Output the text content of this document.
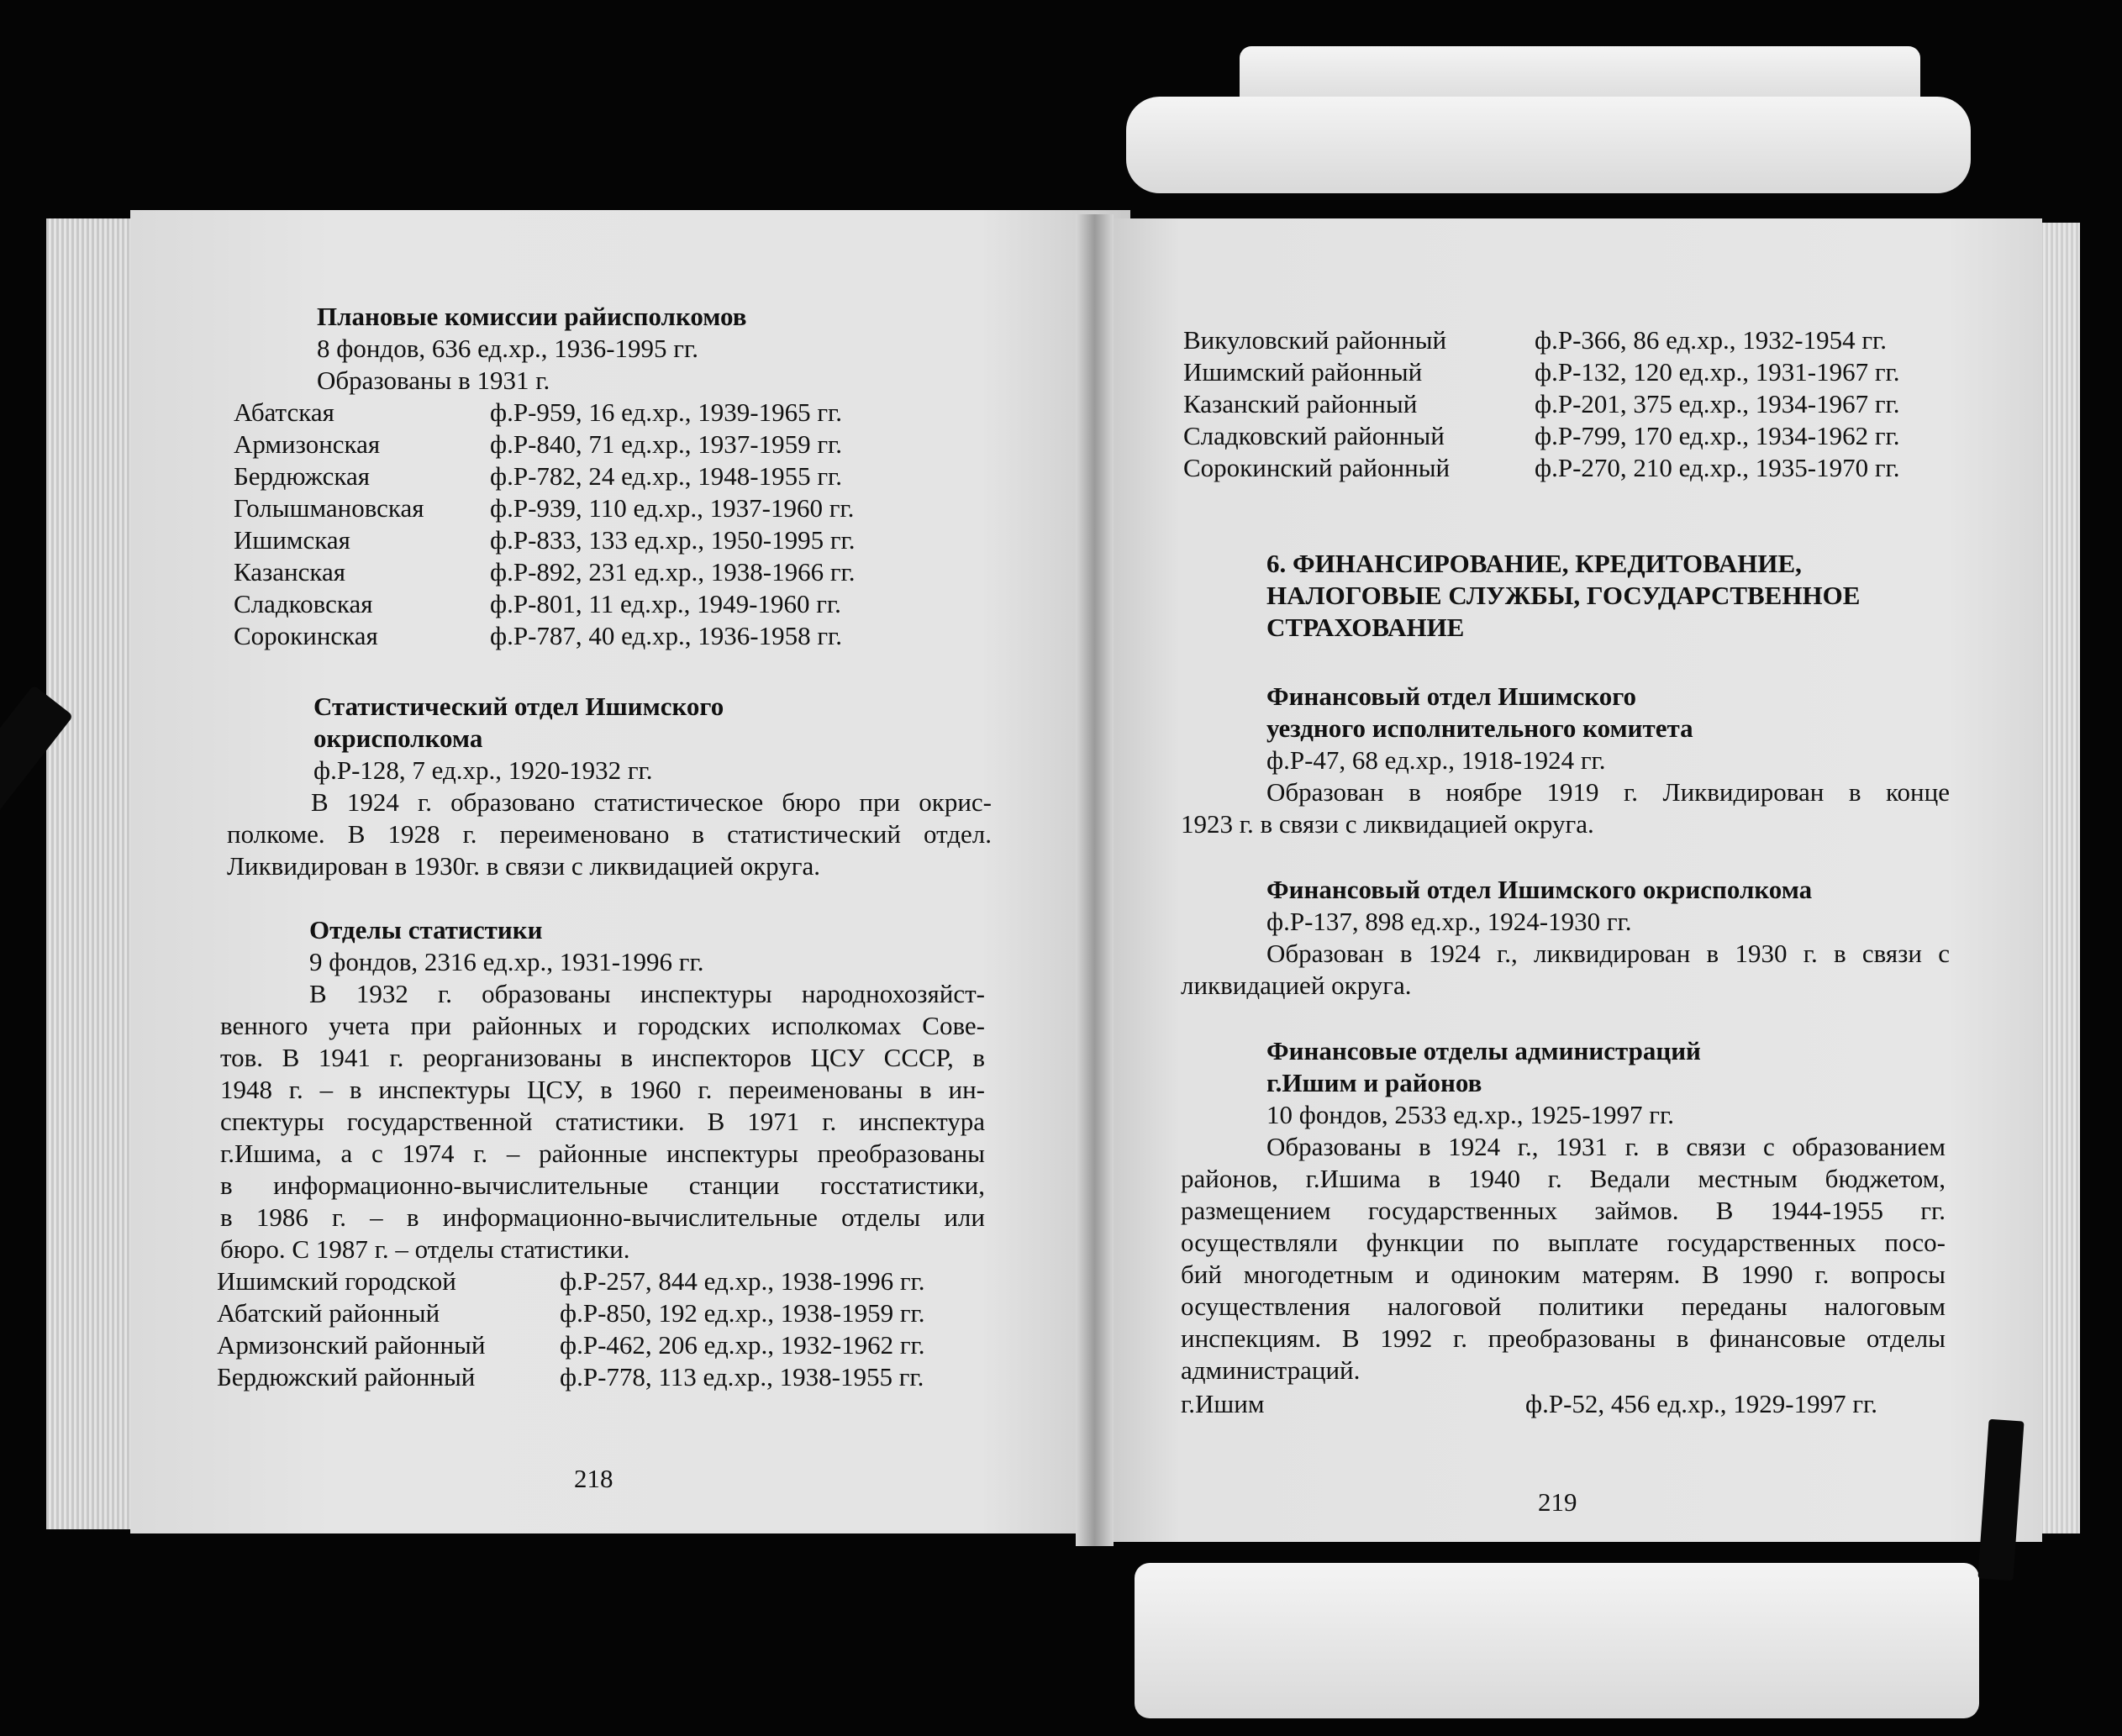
Плановые комиссии райисполкомов
8 фондов, 636 ед.хр., 1936-1995 гг.
Образованы в 1931 г.
Абатская	ф.Р-959, 16 ед.хр., 1939-1965 гг.
Армизонская	ф.Р-840, 71 ед.хр., 1937-1959 гг.
Бердюжская	ф.Р-782, 24 ед.хр., 1948-1955 гг.
Голышмановская	ф.Р-939, 110 ед.хр., 1937-1960 гг.
Ишимская	ф.Р-833, 133 ед.хр., 1950-1995 гг.
Казанская	ф.Р-892, 231 ед.хр., 1938-1966 гг.
Сладковская	ф.Р-801, 11 ед.хр., 1949-1960 гг.
Сорокинская	ф.Р-787, 40 ед.хр., 1936-1958 гг.
Статистический отдел Ишимского
окрисполкома
ф.Р-128, 7 ед.хр., 1920-1932 гг.
В 1924 г. образовано статистическое бюро при окрис-
полкоме. В 1928 г. переименовано в статистический отдел.
Ликвидирован в 1930г. в связи с ликвидацией округа.
Отделы статистики
9 фондов, 2316 ед.хр., 1931-1996 гг.
В 1932 г. образованы инспектуры народнохозяйст-
венного учета при районных и городских исполкомах Сове-
тов. В 1941 г. реорганизованы в инспекторов ЦСУ СССР, в
1948 г. – в инспектуры ЦСУ, в 1960 г. переименованы в ин-
спектуры государственной статистики. В 1971 г. инспектура
г.Ишима, а с 1974 г. – районные инспектуры преобразованы
в информационно-вычислительные станции госстатистики,
в 1986 г. – в информационно-вычислительные отделы или
бюро. С 1987 г. – отделы статистики.
Ишимский городской	ф.Р-257, 844 ед.хр., 1938-1996 гг.
Абатский районный	ф.Р-850, 192 ед.хр., 1938-1959 гг.
Армизонский районный	ф.Р-462, 206 ед.хр., 1932-1962 гг.
Бердюжский районный	ф.Р-778, 113 ед.хр., 1938-1955 гг.
218
Викуловский районный	ф.Р-366, 86 ед.хр., 1932-1954 гг.
Ишимский районный	ф.Р-132, 120 ед.хр., 1931-1967 гг.
Казанский районный	ф.Р-201, 375 ед.хр., 1934-1967 гг.
Сладковский районный	ф.Р-799, 170 ед.хр., 1934-1962 гг.
Сорокинский районный	ф.Р-270, 210 ед.хр., 1935-1970 гг.
6. ФИНАНСИРОВАНИЕ, КРЕДИТОВАНИЕ,
НАЛОГОВЫЕ СЛУЖБЫ, ГОСУДАРСТВЕННОЕ
СТРАХОВАНИЕ
Финансовый отдел Ишимского
уездного исполнительного комитета
ф.Р-47, 68 ед.хр., 1918-1924 гг.
Образован в ноябре 1919 г. Ликвидирован в конце
1923 г. в связи с ликвидацией округа.
Финансовый отдел Ишимского окрисполкома
ф.Р-137, 898 ед.хр., 1924-1930 гг.
Образован в 1924 г., ликвидирован в 1930 г. в связи с
ликвидацией округа.
Финансовые отделы администраций
г.Ишим и районов
10 фондов, 2533 ед.хр., 1925-1997 гг.
Образованы в 1924 г., 1931 г. в связи с образованием
районов, г.Ишима в 1940 г. Ведали местным бюджетом,
размещением государственных займов. В 1944-1955 гг.
осуществляли функции по выплате государственных посо-
бий многодетным и одиноким матерям. В 1990 г. вопросы
осуществления налоговой политики переданы налоговым
инспекциям. В 1992 г. преобразованы в финансовые отделы
администраций.
г.Ишим	ф.Р-52, 456 ед.хр., 1929-1997 гг.
219
